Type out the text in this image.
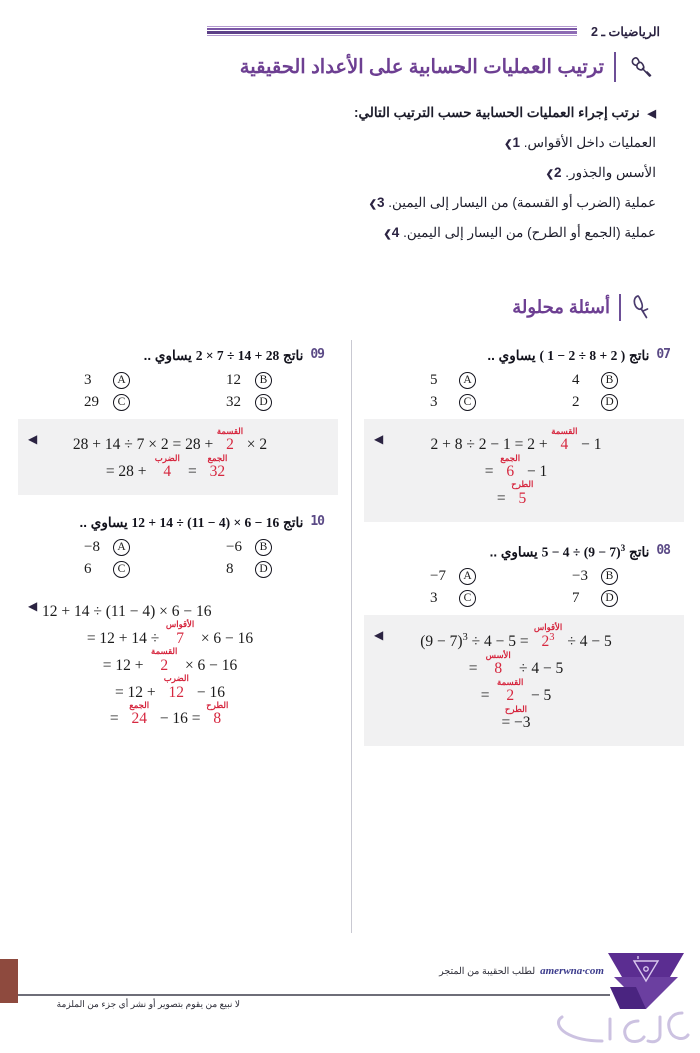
الرياضيات ـ 2
ترتيب العمليات الحسابية على الأعداد الحقيقية
◀ نرتب إجراء العمليات الحسابية حسب الترتيب التالي:
العمليات داخل الأقواس. 1❯
الأسس والجذور. 2❯
عملية (الضرب أو القسمة) من اليسار إلى اليمين. 3❯
عملية (الجمع أو الطرح) من اليسار إلى اليمين. 4❯
أسئلة محلولة
07
ناتج ( 1 − 2 ÷ 8 + 2 ) يساوي ..
B
4
A
5
D
2
C
3
◀	2 + 8 ÷ 2 − 1 = 2 +
القسمة
4 − 1
=
الجمع
6 − 1
=
الطرح
5
08
ناتج $5 - 4 \div (9 - 7)^3$ يساوي ..
B
−3
A
−7
D
7
C
3
◀	$(9 - 7)^3 \div 4 - 5$ =
الأقواس
$2^3 \div 4 - 5$
=
الأسس
8 ÷ 4 − 5
=
القسمة
2 − 5
الطرح
= −3
09
ناتج 2 × 7 ÷ 14 + 28 يساوي ..
B
12
A
3
D
32
C
29
◀	28 + 14 ÷ 7 × 2 = 28 +
القسمة
2 × 2
= 28 +
الضرب
4 =
الجمع
32
10
ناتج 12 + 14 ÷ (11 − 4) × 6 − 16 يساوي ..
B
−6
A
−8
D
8
C
6
◀ 12 + 14 ÷ (11 − 4) × 6 − 16
= 12 + 14 ÷
الأقواس
7 × 6 − 16
= 12 +
القسمة
2 × 6 − 16
= 12 +
الضرب
12 − 16
=
الجمع
24 − 16 =
الطرح
8
amerwna·com
لطلب الحقيبة من المتجر
لا نبيع من يقوم بتصوير أو نشر أي جزء من الملزمة
